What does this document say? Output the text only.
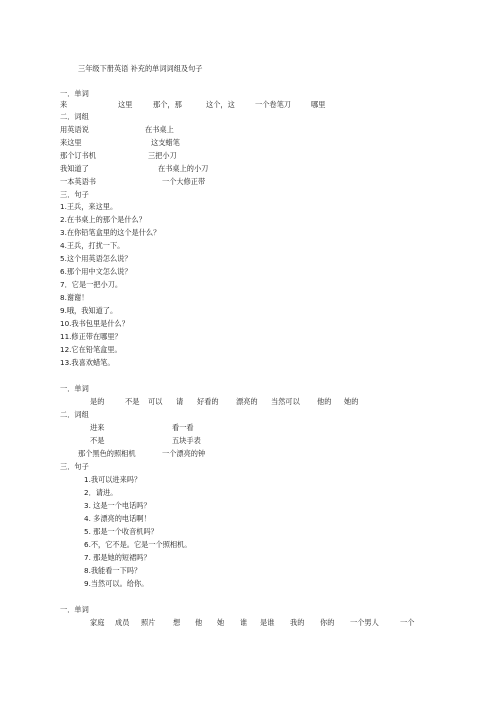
三年级下册英语 补充的单词词组及句子
一．单词
来	这里	那个，那	这个，这	一个卷笔刀	哪里
二．词组
用英语说	在书桌上
来这里	这支蜡笔
那个订书机	三把小刀
我知道了	在书桌上的小刀
一本英语书	一个大修正带
三．句子
1.王兵，来这里。
2.在书桌上的那个是什么？
3.在你铅笔盒里的这个是什么？
4.王兵，打扰一下。
5.这个用英语怎么说？
6.那个用中文怎么说？
7．它是一把小刀。
8.谢谢！
9.哦，我知道了。
10.我书包里是什么？
11.修正带在哪里？
12.它在铅笔盒里。
13.我喜欢蜡笔。
一．单词
是的	不是 可以 请 好看的 漂亮的 当然可以 他的 她的
二．词组
进来	看一看
不是	五块手表
那个黑色的照相机	一个漂亮的钟
三．句子
1.我可以进来吗？
2．请进。
3. 这是一个电话吗？
4. 多漂亮的电话啊！
5. 那是一个收音机吗？
6.不，它不是。它是一个照相机。
7. 那是她的短裙吗？
8.我能看一下吗？
9.当然可以。给你。
一．单词
家庭 成员 照片 想 他 她 谁 是谁 我的 你的 一个男人	一个
